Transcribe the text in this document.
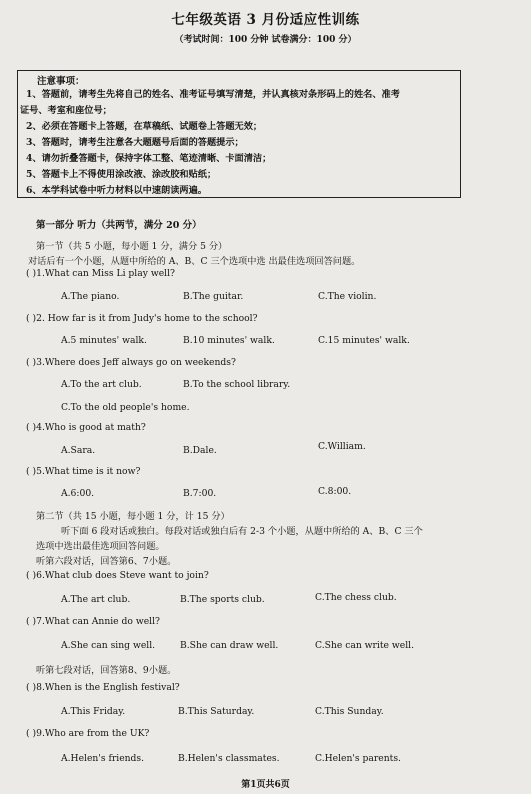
七年级英语 3 月份适应性训练
（考试时间：100 分钟 试卷满分：100 分）
注意事项：
1、答题前，请考生先将自己的姓名、准考证号填写清楚，并认真核对条形码上的姓名、准考
证号、考室和座位号；
2、必须在答题卡上答题，在草稿纸、试题卷上答题无效；
3、答题时，请考生注意各大题题号后面的答题提示；
4、请勿折叠答题卡，保持字体工整、笔迹清晰、卡面清洁；
5、答题卡上不得使用涂改液、涂改胶和贴纸；
6、本学科试卷中听力材料以中速朗读两遍。
第一部分 听力（共两节，满分 20 分）
第一节（共 5 小题，每小题 1 分，满分 5 分）
对话后有一个小题，从题中所给的 A、B、C 三个选项中选 出最佳选项回答问题。
( )1.What can Miss Li play well?
A.The piano.	B.The guitar.	C.The violin.
( )2. How far is it from Judy's home to the school?
A.5 minutes' walk.	B.10 minutes' walk.	C.15 minutes' walk.
( )3.Where does Jeff always go on weekends?
A.To the art club.	B.To the school library.
C.To the old people's home.
( )4.Who is good at math?
A.Sara.	B.Dale.	C.William.
( )5.What time is it now?
A.6:00.	B.7:00.	C.8:00.
第二节（共 15 小题，每小题 1 分，计 15 分）
听下面 6 段对话或独白。每段对话或独白后有 2-3 个小题，从题中所给的 A、B、C 三个
选项中选出最佳选项回答问题。
听第六段对话，回答第6、7小题。
( )6.What club does Steve want to join?
A.The art club.	B.The sports club.	C.The chess club.
( )7.What can Annie do well?
A.She can sing well.	B.She can draw well.	C.She can write well.
听第七段对话，回答第8、9小题。
( )8.When is the English festival?
A.This Friday.	B.This Saturday.	C.This Sunday.
( )9.Who are from the UK?
A.Helen's friends.	B.Helen's classmates.	C.Helen's parents.
第1页共6页
